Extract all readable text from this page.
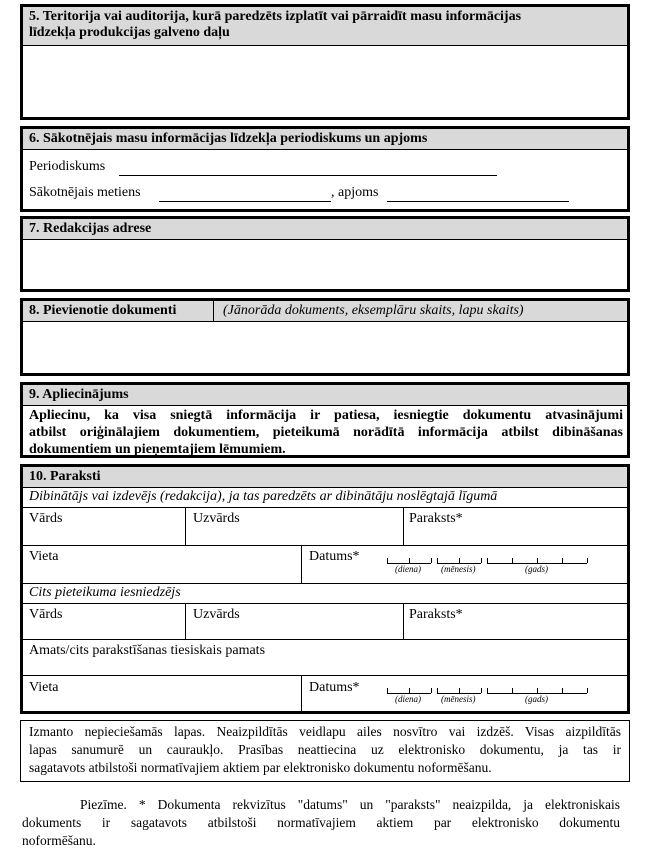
5. Teritorija vai auditorija, kurā paredzēts izplatīt vai pārraidīt masu informācijas
līdzekļa produkcijas galveno daļu
6. Sākotnējais masu informācijas līdzekļa periodiskums un apjoms
Periodiskums
Sākotnējais metiens	, apjoms
7. Redakcijas adrese
8. Pievienotie dokumenti	(Jānorāda dokuments, eksemplāru skaits, lapu skaits)
9. Apliecinājums
Apliecinu, ka visa sniegtā informācija ir patiesa, iesniegtie dokumentu atvasinājumi
atbilst oriģinālajiem dokumentiem, pieteikumā norādītā informācija atbilst dibināšanas
dokumentiem un pieņemtajiem lēmumiem.
10. Paraksti
Dibinātājs vai izdevējs (redakcija), ja tas paredzēts ar dibinātāju noslēgtajā līgumā
Vārds	Uzvārds	Paraksts*
Vieta	Datums*
(diena) (mēnesis)	(gads)
Cits pieteikuma iesniedzējs
Vārds	Uzvārds	Paraksts*
Amats/cits parakstīšanas tiesiskais pamats
Vieta	Datums*
(diena) (mēnesis)	(gads)
Izmanto nepieciešamās lapas. Neaizpildītās veidlapu ailes nosvītro vai izdzēš. Visas aizpildītās
lapas sanumurē un cauraukļo. Prasības neattiecina uz elektronisko dokumentu, ja tas ir
sagatavots atbilstoši normatīvajiem aktiem par elektronisko dokumentu noformēšanu.
Piezīme. * Dokumenta rekvizītus "datums" un "paraksts" neaizpilda, ja elektroniskais
dokuments ir sagatavots atbilstoši normatīvajiem aktiem par elektronisko dokumentu
noformēšanu.
